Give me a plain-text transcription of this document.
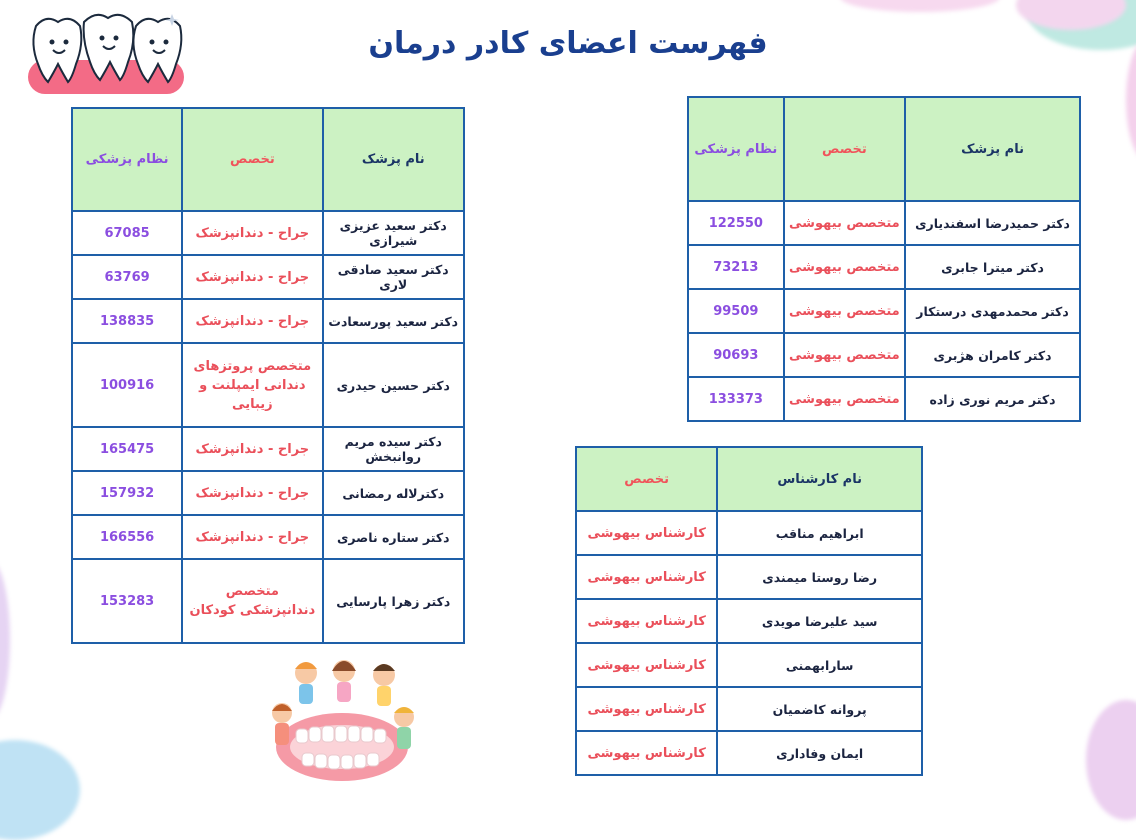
فهرست اعضای کادر درمان
نام پزشک	تخصص	نظام پزشکی
دکتر سعید عزیزی شیرازی	جراح - دندانپزشک	67085
دکتر سعید صادقی لاری	جراح - دندانپزشک	63769
دکتر سعید پورسعادت	جراح - دندانپزشک	138835
دکتر حسین حیدری	متخصص پروتزهای دندانی ایمپلنت و زیبایی	100916
دکتر سیده مریم روانبخش	جراح - دندانپزشک	165475
دکترلاله رمضانی	جراح - دندانپزشک	157932
دکتر ستاره ناصری	جراح - دندانپزشک	166556
دکتر زهرا پارسایی	متخصص دندانپزشکی کودکان	153283
نام پزشک	تخصص	نظام پزشکی
دکتر حمیدرضا اسفندیاری	متخصص بیهوشی	122550
دکتر میترا جابری	متخصص بیهوشی	73213
دکتر محمدمهدی درستکار	متخصص بیهوشی	99509
دکتر کامران هژبری	متخصص بیهوشی	90693
دکتر مریم نوری زاده	متخصص بیهوشی	133373
نام کارشناس	تخصص
ابراهیم مناقب	کارشناس بیهوشی
رضا روستا میمندی	کارشناس بیهوشی
سید علیرضا مویدی	کارشناس بیهوشی
سارابهمنی	کارشناس بیهوشی
پروانه کاضمیان	کارشناس بیهوشی
ایمان وفاداری	کارشناس بیهوشی
